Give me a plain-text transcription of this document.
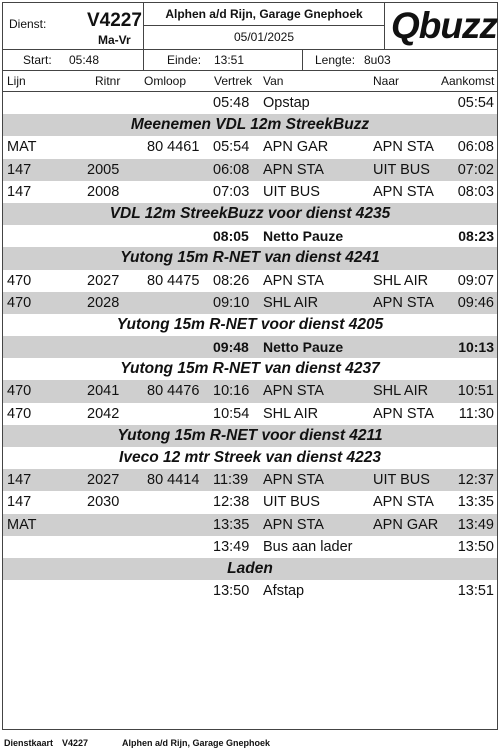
Dienst: V4227
Ma-Vr
Alphen a/d Rijn, Garage Gnephoek
05/01/2025	Qbuzz
Start: 05:48	Einde: 13:51	Lengte: 8u03
Lijn	Ritnr Omloop Vertrek Van	Naar	Aankomst
05:48 Opstap	05:54
Meenemen VDL 12m StreekBuzz
MAT	80 4461 05:54 APN GAR	APN STA 06:08
147	2005	06:08 APN STA	UIT BUS 07:02
147	2008	07:03 UIT BUS	APN STA 08:03
VDL 12m StreekBuzz voor dienst 4235
08:05 Netto Pauze	08:23
Yutong 15m R-NET van dienst 4241
470	2027 80 4475 08:26 APN STA	SHL AIR 09:07
470	2028	09:10 SHL AIR	APN STA 09:46
Yutong 15m R-NET voor dienst 4205
09:48 Netto Pauze	10:13
Yutong 15m R-NET van dienst 4237
470	2041 80 4476 10:16 APN STA	SHL AIR 10:51
470	2042	10:54 SHL AIR	APN STA 11:30
Yutong 15m R-NET voor dienst 4211
Iveco 12 mtr Streek van dienst 4223
147	2027 80 4414 11:39 APN STA	UIT BUS 12:37
147	2030	12:38 UIT BUS	APN STA 13:35
MAT	13:35 APN STA	APN GAR 13:49
13:49 Bus aan lader	13:50
Laden
13:50 Afstap	13:51
Dienstkaart V4227	Alphen a/d Rijn, Garage Gnephoek
